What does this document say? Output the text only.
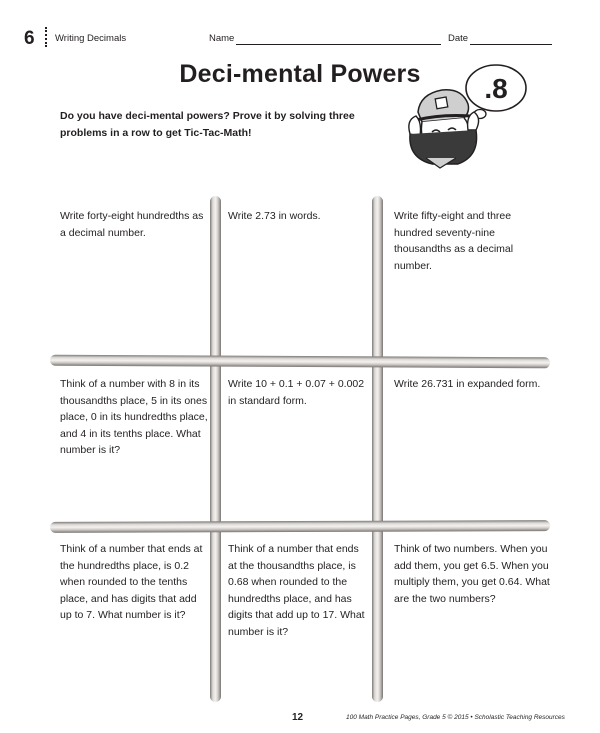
6 Writing Decimals	Name	Date
Deci-mental Powers
Do you have deci-mental powers? Prove it by solving three problems in a row to get Tic-Tac-Math!
.8
Write forty-eight hundredths as a decimal number.
Write 2.73 in words.	Write fifty-eight and three hundred seventy-nine thousandths as a decimal number.
Think of a number with 8 in its thousandths place, 5 in its ones place, 0 in its hundredths place, and 4 in its tenths place. What number is it?
Write 10 + 0.1 + 0.07 + 0.002 in standard form.
Write 26.731 in expanded form.
Think of a number that ends at the hundredths place, is 0.2 when rounded to the tenths place, and has digits that add up to 7. What number is it?
Think of a number that ends at the thousandths place, is 0.68 when rounded to the hundredths place, and has digits that add up to 17. What number is it?
Think of two numbers. When you add them, you get 6.5. When you multiply them, you get 0.64. What are the two numbers?
12	100 Math Practice Pages, Grade 5 © 2015 • Scholastic Teaching Resources
